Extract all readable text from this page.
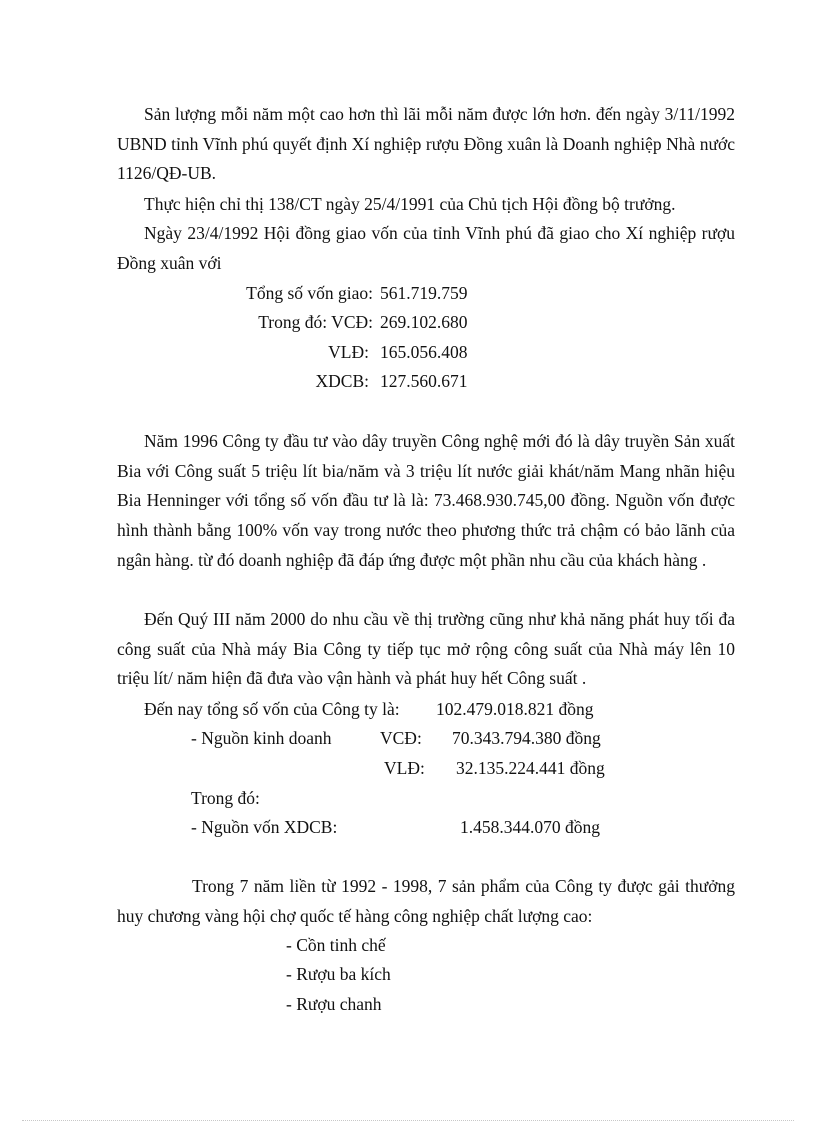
Sản lượng mỗi năm một cao hơn thì lãi mỗi năm được lớn hơn. đến ngày 3/11/1992 UBND tỉnh Vĩnh phú quyết định Xí nghiệp rượu Đồng xuân là Doanh nghiệp Nhà nước 1126/QĐ-UB.

Thực hiện chỉ thị 138/CT ngày 25/4/1991 của Chủ tịch Hội đồng bộ trưởng.

Ngày 23/4/1992 Hội đồng giao vốn của tỉnh Vĩnh phú đã giao cho Xí nghiệp rượu Đồng xuân với

Tổng số vốn giao: 561.719.759
Trong đó: VCĐ: 269.102.680
VLĐ: 165.056.408
XDCB: 127.560.671

Năm 1996 Công ty đầu tư vào dây truyền Công nghệ mới đó là dây truyền Sản xuất Bia với Công suất 5 triệu lít bia/năm và 3 triệu lít nước giải khát/năm Mang nhãn hiệu Bia Henninger với tổng số vốn đầu tư là là: 73.468.930.745,00 đồng. Nguồn vốn được hình thành bằng 100% vốn vay trong nước theo phương thức trả chậm có bảo lãnh của ngân hàng. từ đó doanh nghiệp đã đáp ứng được một phần nhu cầu của khách hàng .

Đến Quý III năm 2000 do nhu cầu về thị trường cũng như khả năng phát huy tối đa công suất của Nhà máy Bia Công ty tiếp tục mở rộng công suất của Nhà máy lên 10 triệu lít/ năm hiện đã đưa vào vận hành và phát huy hết Công suất .

Đến nay tổng số vốn của Công ty là: 102.479.018.821 đồng
- Nguồn kinh doanh	VCĐ: 70.343.794.380 đồng
VLĐ: 32.135.224.441 đồng
Trong đó:
- Nguồn vốn XDCB:	1.458.344.070 đồng

Trong 7 năm liền từ 1992 - 1998, 7 sản phẩm của Công ty được gải thưởng huy chương vàng hội chợ quốc tế hàng công nghiệp chất lượng cao:

- Cồn tinh chế
- Rượu ba kích
- Rượu chanh
